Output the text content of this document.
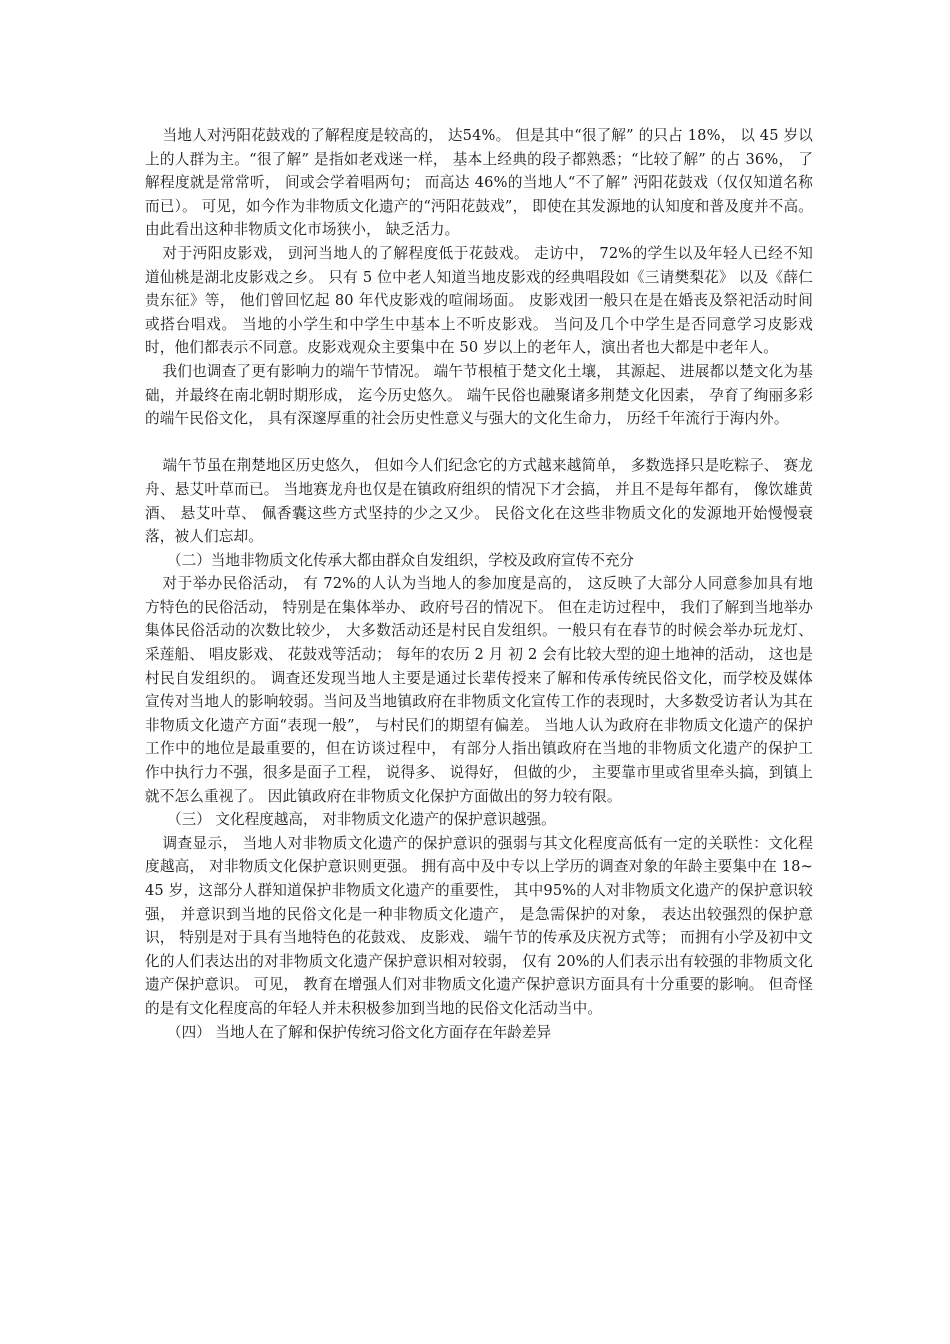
当地人对沔阳花鼓戏的了解程度是较高的， 达54%。 但是其中“很了解” 的只占 18%， 以 45 岁以上的人群为主。“很了解” 是指如老戏迷一样， 基本上经典的段子都熟悉；“比较了解” 的占 36%， 了解程度就是常常听， 间或会学着唱两句； 而高达 46%的当地人“不了解” 沔阳花鼓戏（仅仅知道名称而已）。 可见，如今作为非物质文化遗产的“沔阳花鼓戏”， 即使在其发源地的认知度和普及度并不高。 由此看出这种非物质文化市场狭小， 缺乏活力。

对于沔阳皮影戏， 剅河当地人的了解程度低于花鼓戏。 走访中， 72%的学生以及年轻人已经不知道仙桃是湖北皮影戏之乡。 只有 5 位中老人知道当地皮影戏的经典唱段如《三请樊梨花》 以及《薛仁贵东征》等， 他们曾回忆起 80 年代皮影戏的喧闹场面。 皮影戏团一般只在是在婚丧及祭祀活动时间或搭台唱戏。 当地的小学生和中学生中基本上不听皮影戏。 当问及几个中学生是否同意学习皮影戏时，他们都表示不同意。皮影戏观众主要集中在 50 岁以上的老年人，演出者也大都是中老年人。

我们也调查了更有影响力的端午节情况。 端午节根植于楚文化土壤， 其源起、 进展都以楚文化为基础，并最终在南北朝时期形成， 迄今历史悠久。 端午民俗也融聚诸多荆楚文化因素， 孕育了绚丽多彩的端午民俗文化， 具有深邃厚重的社会历史性意义与强大的文化生命力， 历经千年流行于海内外。

端午节虽在荆楚地区历史悠久， 但如今人们纪念它的方式越来越简单， 多数选择只是吃粽子、 赛龙舟、悬艾叶草而已。 当地赛龙舟也仅是在镇政府组织的情况下才会搞， 并且不是每年都有， 像饮雄黄酒、 悬艾叶草、 佩香囊这些方式坚持的少之又少。 民俗文化在这些非物质文化的发源地开始慢慢衰落，被人们忘却。

（二）当地非物质文化传承大都由群众自发组织，学校及政府宣传不充分

对于举办民俗活动， 有 72%的人认为当地人的参加度是高的， 这反映了大部分人同意参加具有地方特色的民俗活动， 特别是在集体举办、 政府号召的情况下。 但在走访过程中， 我们了解到当地举办集体民俗活动的次数比较少， 大多数活动还是村民自发组织。一般只有在春节的时候会举办玩龙灯、 采莲船、 唱皮影戏、 花鼓戏等活动； 每年的农历 2 月 初 2 会有比较大型的迎土地神的活动， 这也是村民自发组织的。 调查还发现当地人主要是通过长辈传授来了解和传承传统民俗文化，而学校及媒体宣传对当地人的影响较弱。当问及当地镇政府在非物质文化宣传工作的表现时，大多数受访者认为其在非物质文化遗产方面“表现一般”， 与村民们的期望有偏差。 当地人认为政府在非物质文化遗产的保护工作中的地位是最重要的，但在访谈过程中， 有部分人指出镇政府在当地的非物质文化遗产的保护工作中执行力不强，很多是面子工程， 说得多、 说得好， 但做的少， 主要靠市里或省里牵头搞，到镇上就不怎么重视了。 因此镇政府在非物质文化保护方面做出的努力较有限。

（三） 文化程度越高， 对非物质文化遗产的保护意识越强。

调查显示， 当地人对非物质文化遗产的保护意识的强弱与其文化程度高低有一定的关联性：文化程度越高， 对非物质文化保护意识则更强。 拥有高中及中专以上学历的调查对象的年龄主要集中在 18~45 岁，这部分人群知道保护非物质文化遗产的重要性， 其中95%的人对非物质文化遗产的保护意识较强， 并意识到当地的民俗文化是一种非物质文化遗产， 是急需保护的对象， 表达出较强烈的保护意识， 特别是对于具有当地特色的花鼓戏、 皮影戏、 端午节的传承及庆祝方式等； 而拥有小学及初中文化的人们表达出的对非物质文化遗产保护意识相对较弱， 仅有 20%的人们表示出有较强的非物质文化遗产保护意识。 可见， 教育在增强人们对非物质文化遗产保护意识方面具有十分重要的影响。 但奇怪的是有文化程度高的年轻人并未积极参加到当地的民俗文化活动当中。

（四） 当地人在了解和保护传统习俗文化方面存在年龄差异
